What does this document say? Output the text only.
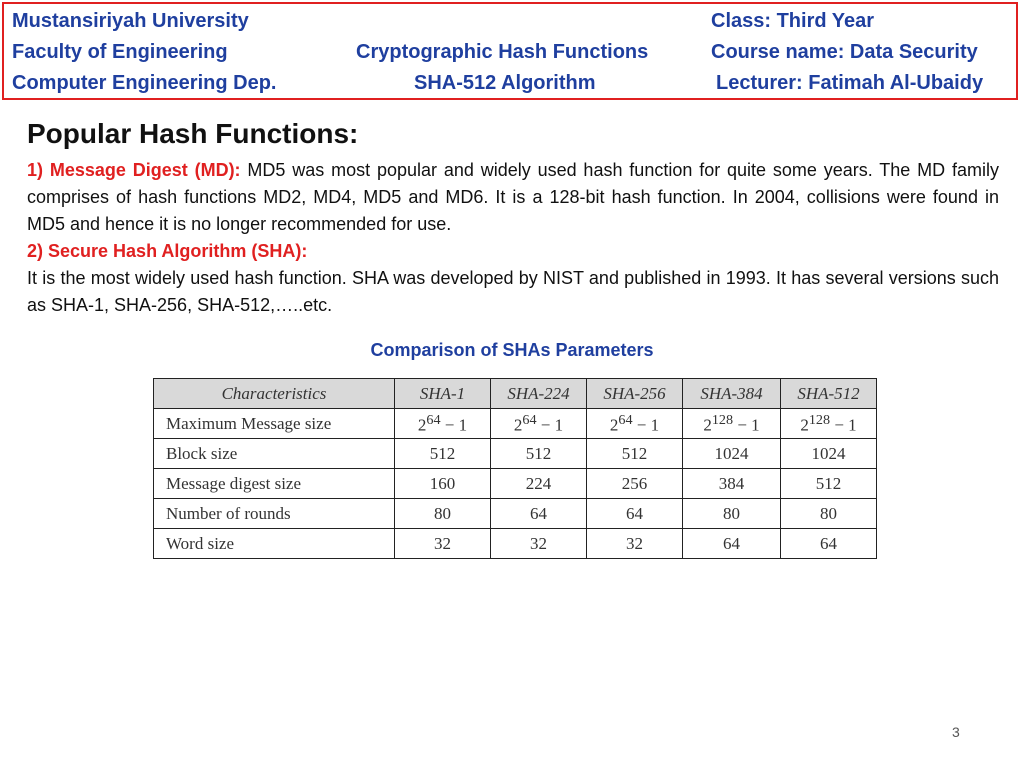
Mustansiriyah University
Faculty of Engineering
Computer Engineering Dep.
Cryptographic Hash Functions
SHA-512 Algorithm
Class: Third Year
Course name: Data Security
Lecturer: Fatimah Al-Ubaidy
Popular Hash Functions:
1) Message Digest (MD): MD5 was most popular and widely used hash function for quite some years. The MD family comprises of hash functions MD2, MD4, MD5 and MD6. It is a 128-bit hash function. In 2004, collisions were found in MD5 and hence it is no longer recommended for use.
2) Secure Hash Algorithm (SHA):
It is the most widely used hash function. SHA was developed by NIST and published in 1993. It has several versions such as SHA-1, SHA-256, SHA-512,…..etc.
Comparison of SHAs Parameters
Characteristics	SHA-1	SHA-224	SHA-256	SHA-384	SHA-512
Maximum Message size	$2^{64} - 1$	$2^{64} - 1$	$2^{64} - 1$	$2^{128} - 1$	$2^{128} - 1$
Block size	512	512	512	1024	1024
Message digest size	160	224	256	384	512
Number of rounds	80	64	64	80	80
Word size	32	32	32	64	64
3
